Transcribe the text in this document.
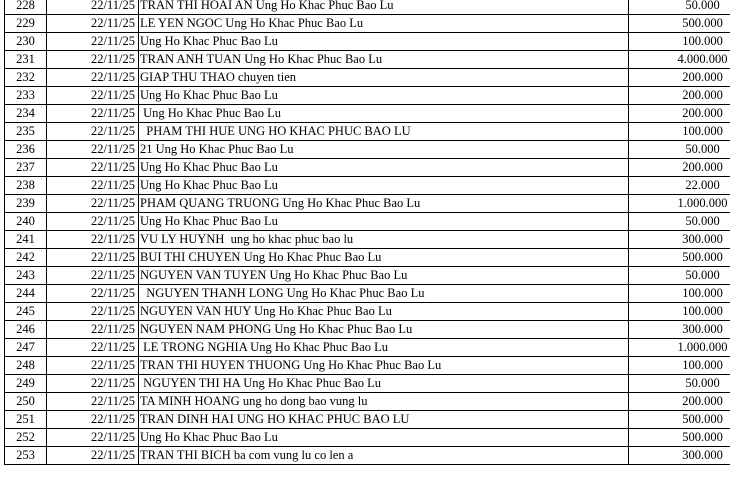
228	22/11/25	TRAN THI HOAI AN Ung Ho Khac Phuc Bao Lu	50.000
229	22/11/25	LE YEN NGOC Ung Ho Khac Phuc Bao Lu	500.000
230	22/11/25	Ung Ho Khac Phuc Bao Lu	100.000
231	22/11/25	TRAN ANH TUAN Ung Ho Khac Phuc Bao Lu	4.000.000
232	22/11/25	GIAP THU THAO chuyen tien	200.000
233	22/11/25	Ung Ho Khac Phuc Bao Lu	200.000
234	22/11/25	Ung Ho Khac Phuc Bao Lu	200.000
235	22/11/25	PHAM THI HUE UNG HO KHAC PHUC BAO LU	100.000
236	22/11/25	21 Ung Ho Khac Phuc Bao Lu	50.000
237	22/11/25	Ung Ho Khac Phuc Bao Lu	200.000
238	22/11/25	Ung Ho Khac Phuc Bao Lu	22.000
239	22/11/25	PHAM QUANG TRUONG Ung Ho Khac Phuc Bao Lu	1.000.000
240	22/11/25	Ung Ho Khac Phuc Bao Lu	50.000
241	22/11/25	VU LY HUYNH  ung ho khac phuc bao lu	300.000
242	22/11/25	BUI THI CHUYEN Ung Ho Khac Phuc Bao Lu	500.000
243	22/11/25	NGUYEN VAN TUYEN Ung Ho Khac Phuc Bao Lu	50.000
244	22/11/25	NGUYEN THANH LONG Ung Ho Khac Phuc Bao Lu	100.000
245	22/11/25	NGUYEN VAN HUY Ung Ho Khac Phuc Bao Lu	100.000
246	22/11/25	NGUYEN NAM PHONG Ung Ho Khac Phuc Bao Lu	300.000
247	22/11/25	LE TRONG NGHIA Ung Ho Khac Phuc Bao Lu	1.000.000
248	22/11/25	TRAN THI HUYEN THUONG Ung Ho Khac Phuc Bao Lu	100.000
249	22/11/25	NGUYEN THI HA Ung Ho Khac Phuc Bao Lu	50.000
250	22/11/25	TA MINH HOANG ung ho dong bao vung lu	200.000
251	22/11/25	TRAN DINH HAI UNG HO KHAC PHUC BAO LU	500.000
252	22/11/25	Ung Ho Khac Phuc Bao Lu	500.000
253	22/11/25	TRAN THI BICH ba com vung lu co len a	300.000
